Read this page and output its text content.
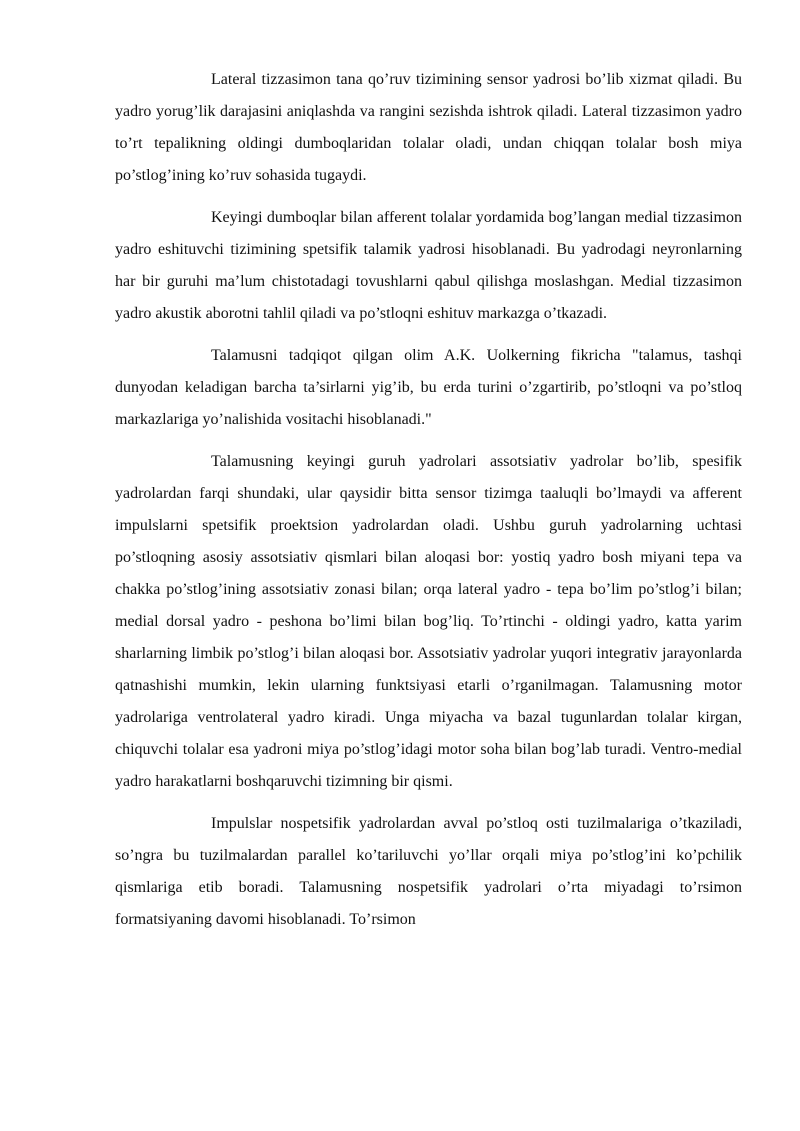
Lateral tizzasimon tana qo’ruv tizimining sensor yadrosi bo’lib xizmat qiladi. Bu yadro yorug’lik darajasini aniqlashda va rangini sezishda ishtrok qiladi. Lateral tizzasimon yadro to’rt tepalikning oldingi dumboqlaridan tolalar oladi, undan chiqqan tolalar bosh miya po’stlog’ining ko’ruv sohasida tugaydi.

Keyingi dumboqlar bilan afferent tolalar yordamida bog’langan medial tizzasimon yadro eshituvchi tizimining spetsifik talamik yadrosi hisoblanadi. Bu yadrodagi neyronlarning har bir guruhi ma’lum chistotadagi tovushlarni qabul qilishga moslashgan. Medial tizzasimon yadro akustik aborotni tahlil qiladi va po’stloqni eshituv markazga o’tkazadi.

Talamusni tadqiqot qilgan olim A.K. Uolkerning fikricha "talamus, tashqi dunyodan keladigan barcha ta’sirlarni yig’ib, bu erda turini o’zgartirib, po’stloqni va po’stloq markazlariga yo’nalishida vositachi hisoblanadi."

Talamusning keyingi guruh yadrolari assotsiativ yadrolar bo’lib, spesifik yadrolardan farqi shundaki, ular qaysidir bitta sensor tizimga taaluqli bo’lmaydi va afferent impulslarni spetsifik proektsion yadrolardan oladi. Ushbu guruh yadrolarning uchtasi po’stloqning asosiy assotsiativ qismlari bilan aloqasi bor: yostiq yadro bosh miyani tepa va chakka po’stlog’ining assotsiativ zonasi bilan; orqa lateral yadro - tepa bo’lim po’stlog’i bilan; medial dorsal yadro - peshona bo’limi bilan bog’liq. To’rtinchi - oldingi yadro, katta yarim sharlarning limbik po’stlog’i bilan aloqasi bor. Assotsiativ yadrolar yuqori integrativ jarayonlarda qatnashishi mumkin, lekin ularning funktsiyasi etarli o’rganilmagan. Talamusning motor yadrolariga ventrolateral yadro kiradi. Unga miyacha va bazal tugunlardan tolalar kirgan, chiquvchi tolalar esa yadroni miya po’stlog’idagi motor soha bilan bog’lab turadi. Ventro-medial yadro harakatlarni boshqaruvchi tizimning bir qismi.

Impulslar nospetsifik yadrolardan avval po’stloq osti tuzilmalariga o’tkaziladi, so’ngra bu tuzilmalardan parallel ko’tariluvchi yo’llar orqali miya po’stlog’ini ko’pchilik qismlariga etib boradi. Talamusning nospetsifik yadrolari o’rta miyadagi to’rsimon formatsiyaning davomi hisoblanadi. To’rsimon
